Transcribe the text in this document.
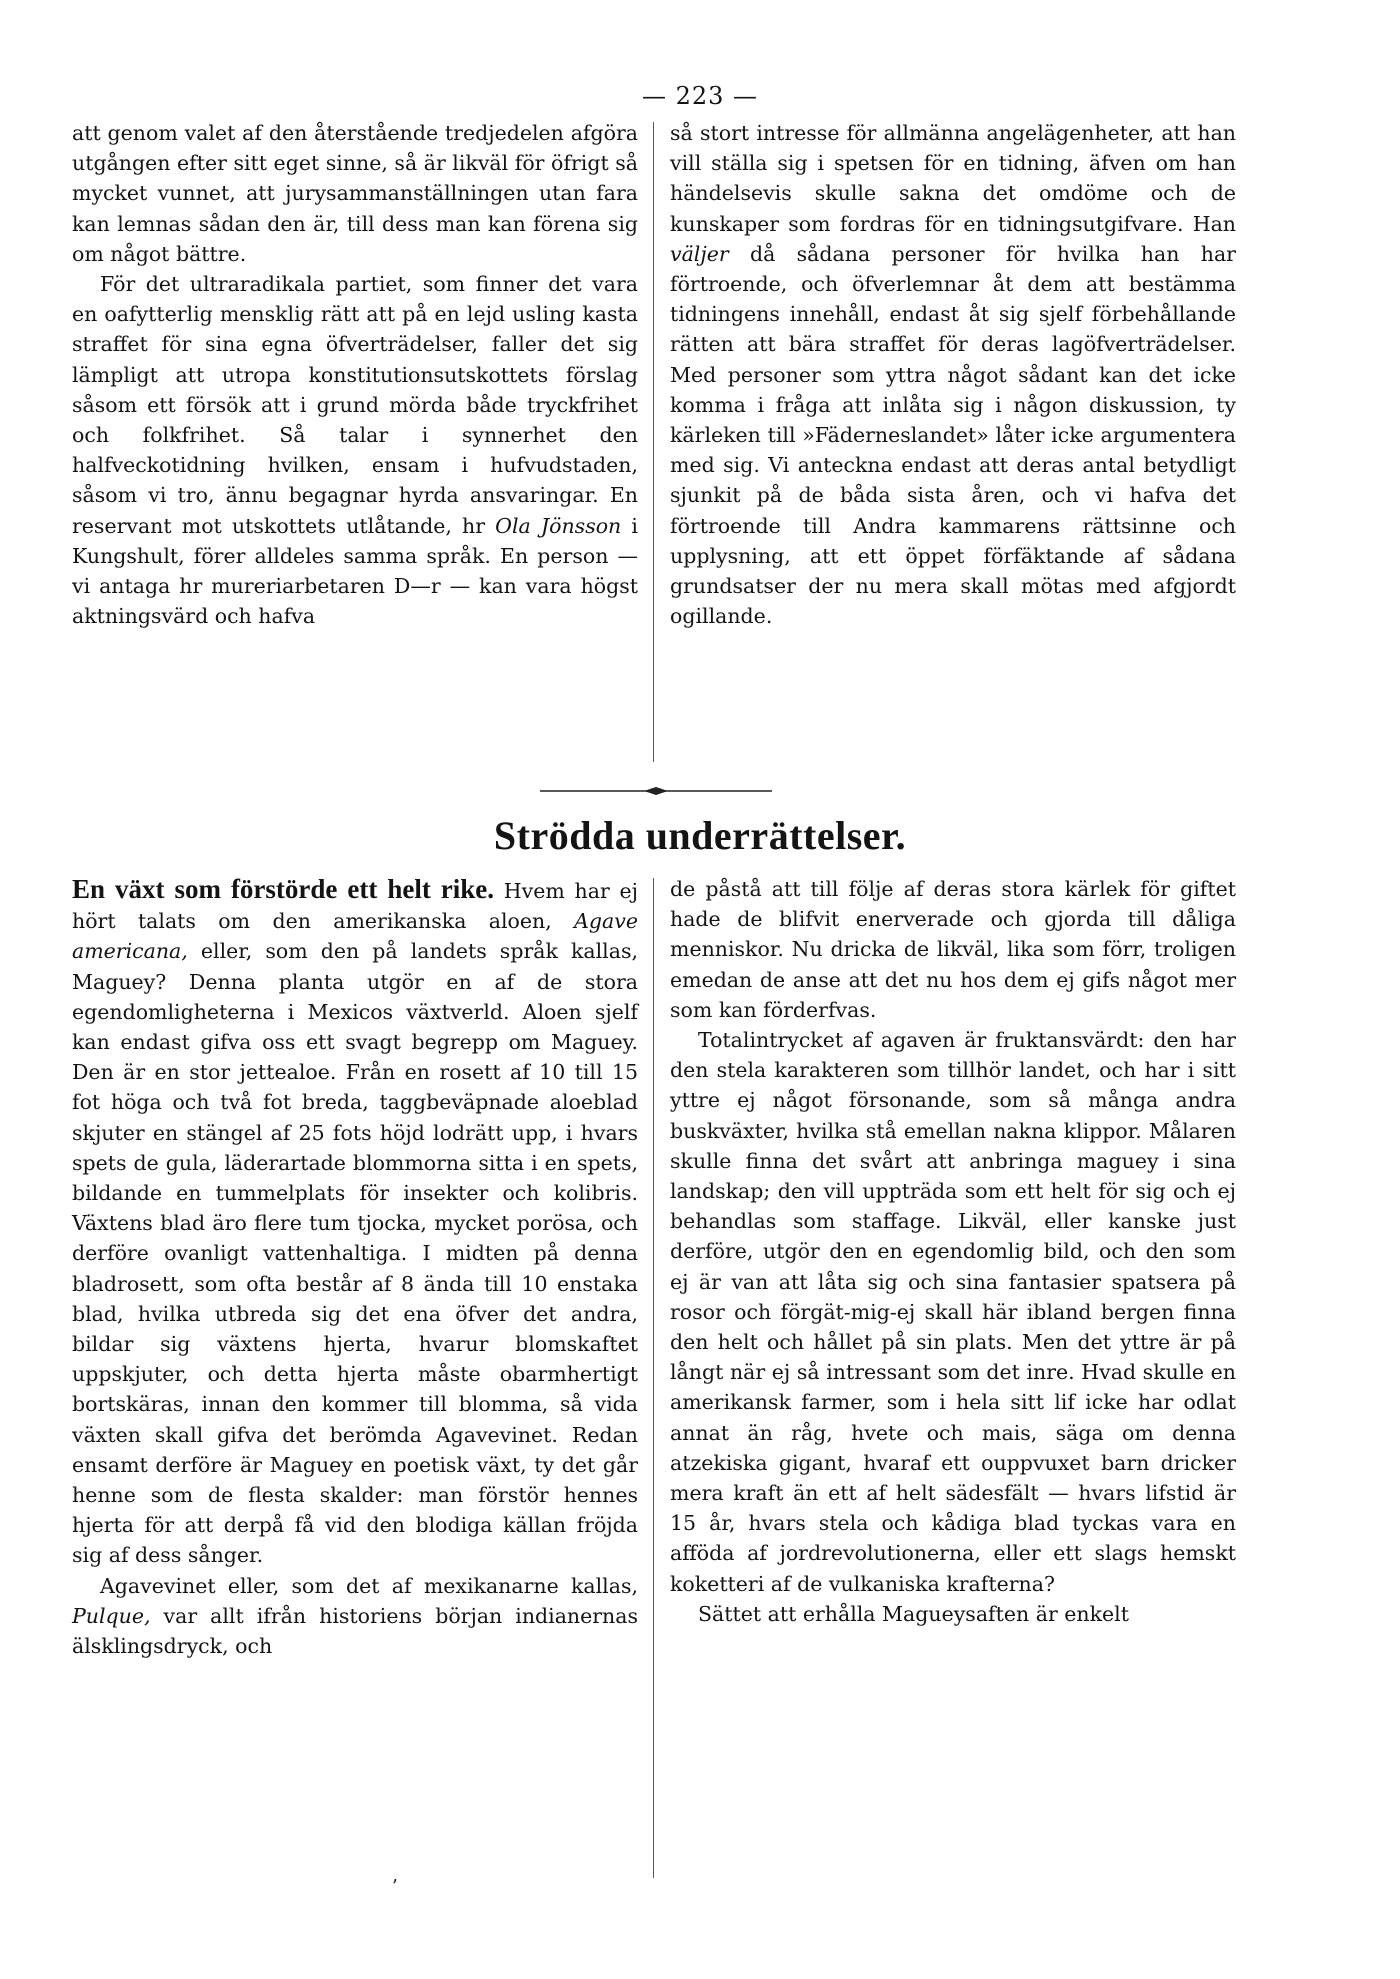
— 223 —

att genom valet af den återstående tredjedelen afgöra utgången efter sitt eget sinne, så är likväl för öfrigt så mycket vunnet, att jurysammanställningen utan fara kan lemnas sådan den är, till dess man kan förena sig om något bättre.

För det ultraradikala partiet, som finner det vara en oafytterlig mensklig rätt att på en lejd usling kasta straffet för sina egna öfverträdelser, faller det sig lämpligt att utropa konstitutionsutskottets förslag såsom ett försök att i grund mörda både tryckfrihet och folkfrihet. Så talar i synnerhet den halfveckotidning hvilken, ensam i hufvudstaden, såsom vi tro, ännu begagnar hyrda ansvaringar. En reservant mot utskottets utlåtande, hr Ola Jönsson i Kungshult, förer alldeles samma språk. En person — vi antaga hr mureriarbetaren D—r — kan vara högst aktningsvärd och hafva

så stort intresse för allmänna angelägenheter, att han vill ställa sig i spetsen för en tidning, äfven om han händelsevis skulle sakna det omdöme och de kunskaper som fordras för en tidningsutgifvare. Han väljer då sådana personer för hvilka han har förtroende, och öfverlemnar åt dem att bestämma tidningens innehåll, endast åt sig sjelf förbehållande rätten att bära straffet för deras lagöfverträdelser. Med personer som yttra något sådant kan det icke komma i fråga att inlåta sig i någon diskussion, ty kärleken till »Fäderneslandet» låter icke argumentera med sig. Vi anteckna endast att deras antal betydligt sjunkit på de båda sista åren, och vi hafva det förtroende till Andra kammarens rättsinne och upplysning, att ett öppet förfäktande af sådana grundsatser der nu mera skall mötas med afgjordt ogillande.

Strödda underrättelser.

En växt som förstörde ett helt rike. Hvem har ej hört talats om den amerikanska aloen, Agave americana, eller, som den på landets språk kallas, Maguey? Denna planta utgör en af de stora egendomligheterna i Mexicos växtverld. Aloen sjelf kan endast gifva oss ett svagt begrepp om Maguey. Den är en stor jettealoe. Från en rosett af 10 till 15 fot höga och två fot breda, taggbeväpnade aloeblad skjuter en stängel af 25 fots höjd lodrätt upp, i hvars spets de gula, läderartade blommorna sitta i en spets, bildande en tummelplats för insekter och kolibris. Växtens blad äro flere tum tjocka, mycket porösa, och derföre ovanligt vattenhaltiga. I midten på denna bladrosett, som ofta består af 8 ända till 10 enstaka blad, hvilka utbreda sig det ena öfver det andra, bildar sig växtens hjerta, hvarur blomskaftet uppskjuter, och detta hjerta måste obarmhertigt bortskäras, innan den kommer till blomma, så vida växten skall gifva det berömda Agavevinet. Redan ensamt derföre är Maguey en poetisk växt, ty det går henne som de flesta skalder: man förstör hennes hjerta för att derpå få vid den blodiga källan fröjda sig af dess sånger.

Agavevinet eller, som det af mexikanarne kallas, Pulque, var allt ifrån historiens början indianernas älsklingsdryck, och

de påstå att till följe af deras stora kärlek för giftet hade de blifvit enerverade och gjorda till dåliga menniskor. Nu dricka de likväl, lika som förr, troligen emedan de anse att det nu hos dem ej gifs något mer som kan förderfvas.

Totalintrycket af agaven är fruktansvärdt: den har den stela karakteren som tillhör landet, och har i sitt yttre ej något försonande, som så många andra buskväxter, hvilka stå emellan nakna klippor. Målaren skulle finna det svårt att anbringa maguey i sina landskap; den vill uppträda som ett helt för sig och ej behandlas som staffage. Likväl, eller kanske just derföre, utgör den en egendomlig bild, och den som ej är van att låta sig och sina fantasier spatsera på rosor och förgät-mig-ej skall här ibland bergen finna den helt och hållet på sin plats. Men det yttre är på långt när ej så intressant som det inre. Hvad skulle en amerikansk farmer, som i hela sitt lif icke har odlat annat än råg, hvete och mais, säga om denna atzekiska gigant, hvaraf ett ouppvuxet barn dricker mera kraft än ett af helt sädesfält — hvars lifstid är 15 år, hvars stela och kådiga blad tyckas vara en afföda af jordrevolutionerna, eller ett slags hemskt koketteri af de vulkaniska krafterna?

Sättet att erhålla Magueysaften är enkelt

’
